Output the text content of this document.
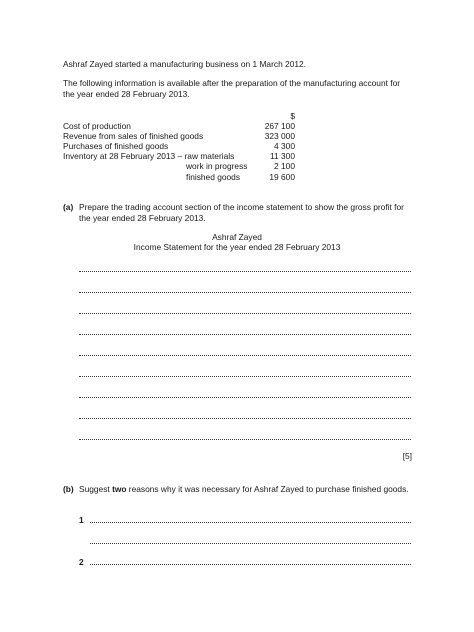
Ashraf Zayed started a manufacturing business on 1 March 2012.
The following information is available after the preparation of the manufacturing account for the year ended 28 February 2013.
$
Cost of production	267 100
Revenue from sales of finished goods	323 000
Purchases of finished goods	4 300
Inventory at 28 February 2013 – raw materials	11 300
work in progress	2 100
finished goods	19 600
(a) Prepare the trading account section of the income statement to show the gross profit for the year ended 28 February 2013.
Ashraf Zayed
Income Statement for the year ended 28 February 2013
[5]
(b) Suggest two reasons why it was necessary for Ashraf Zayed to purchase finished goods.
1
2
